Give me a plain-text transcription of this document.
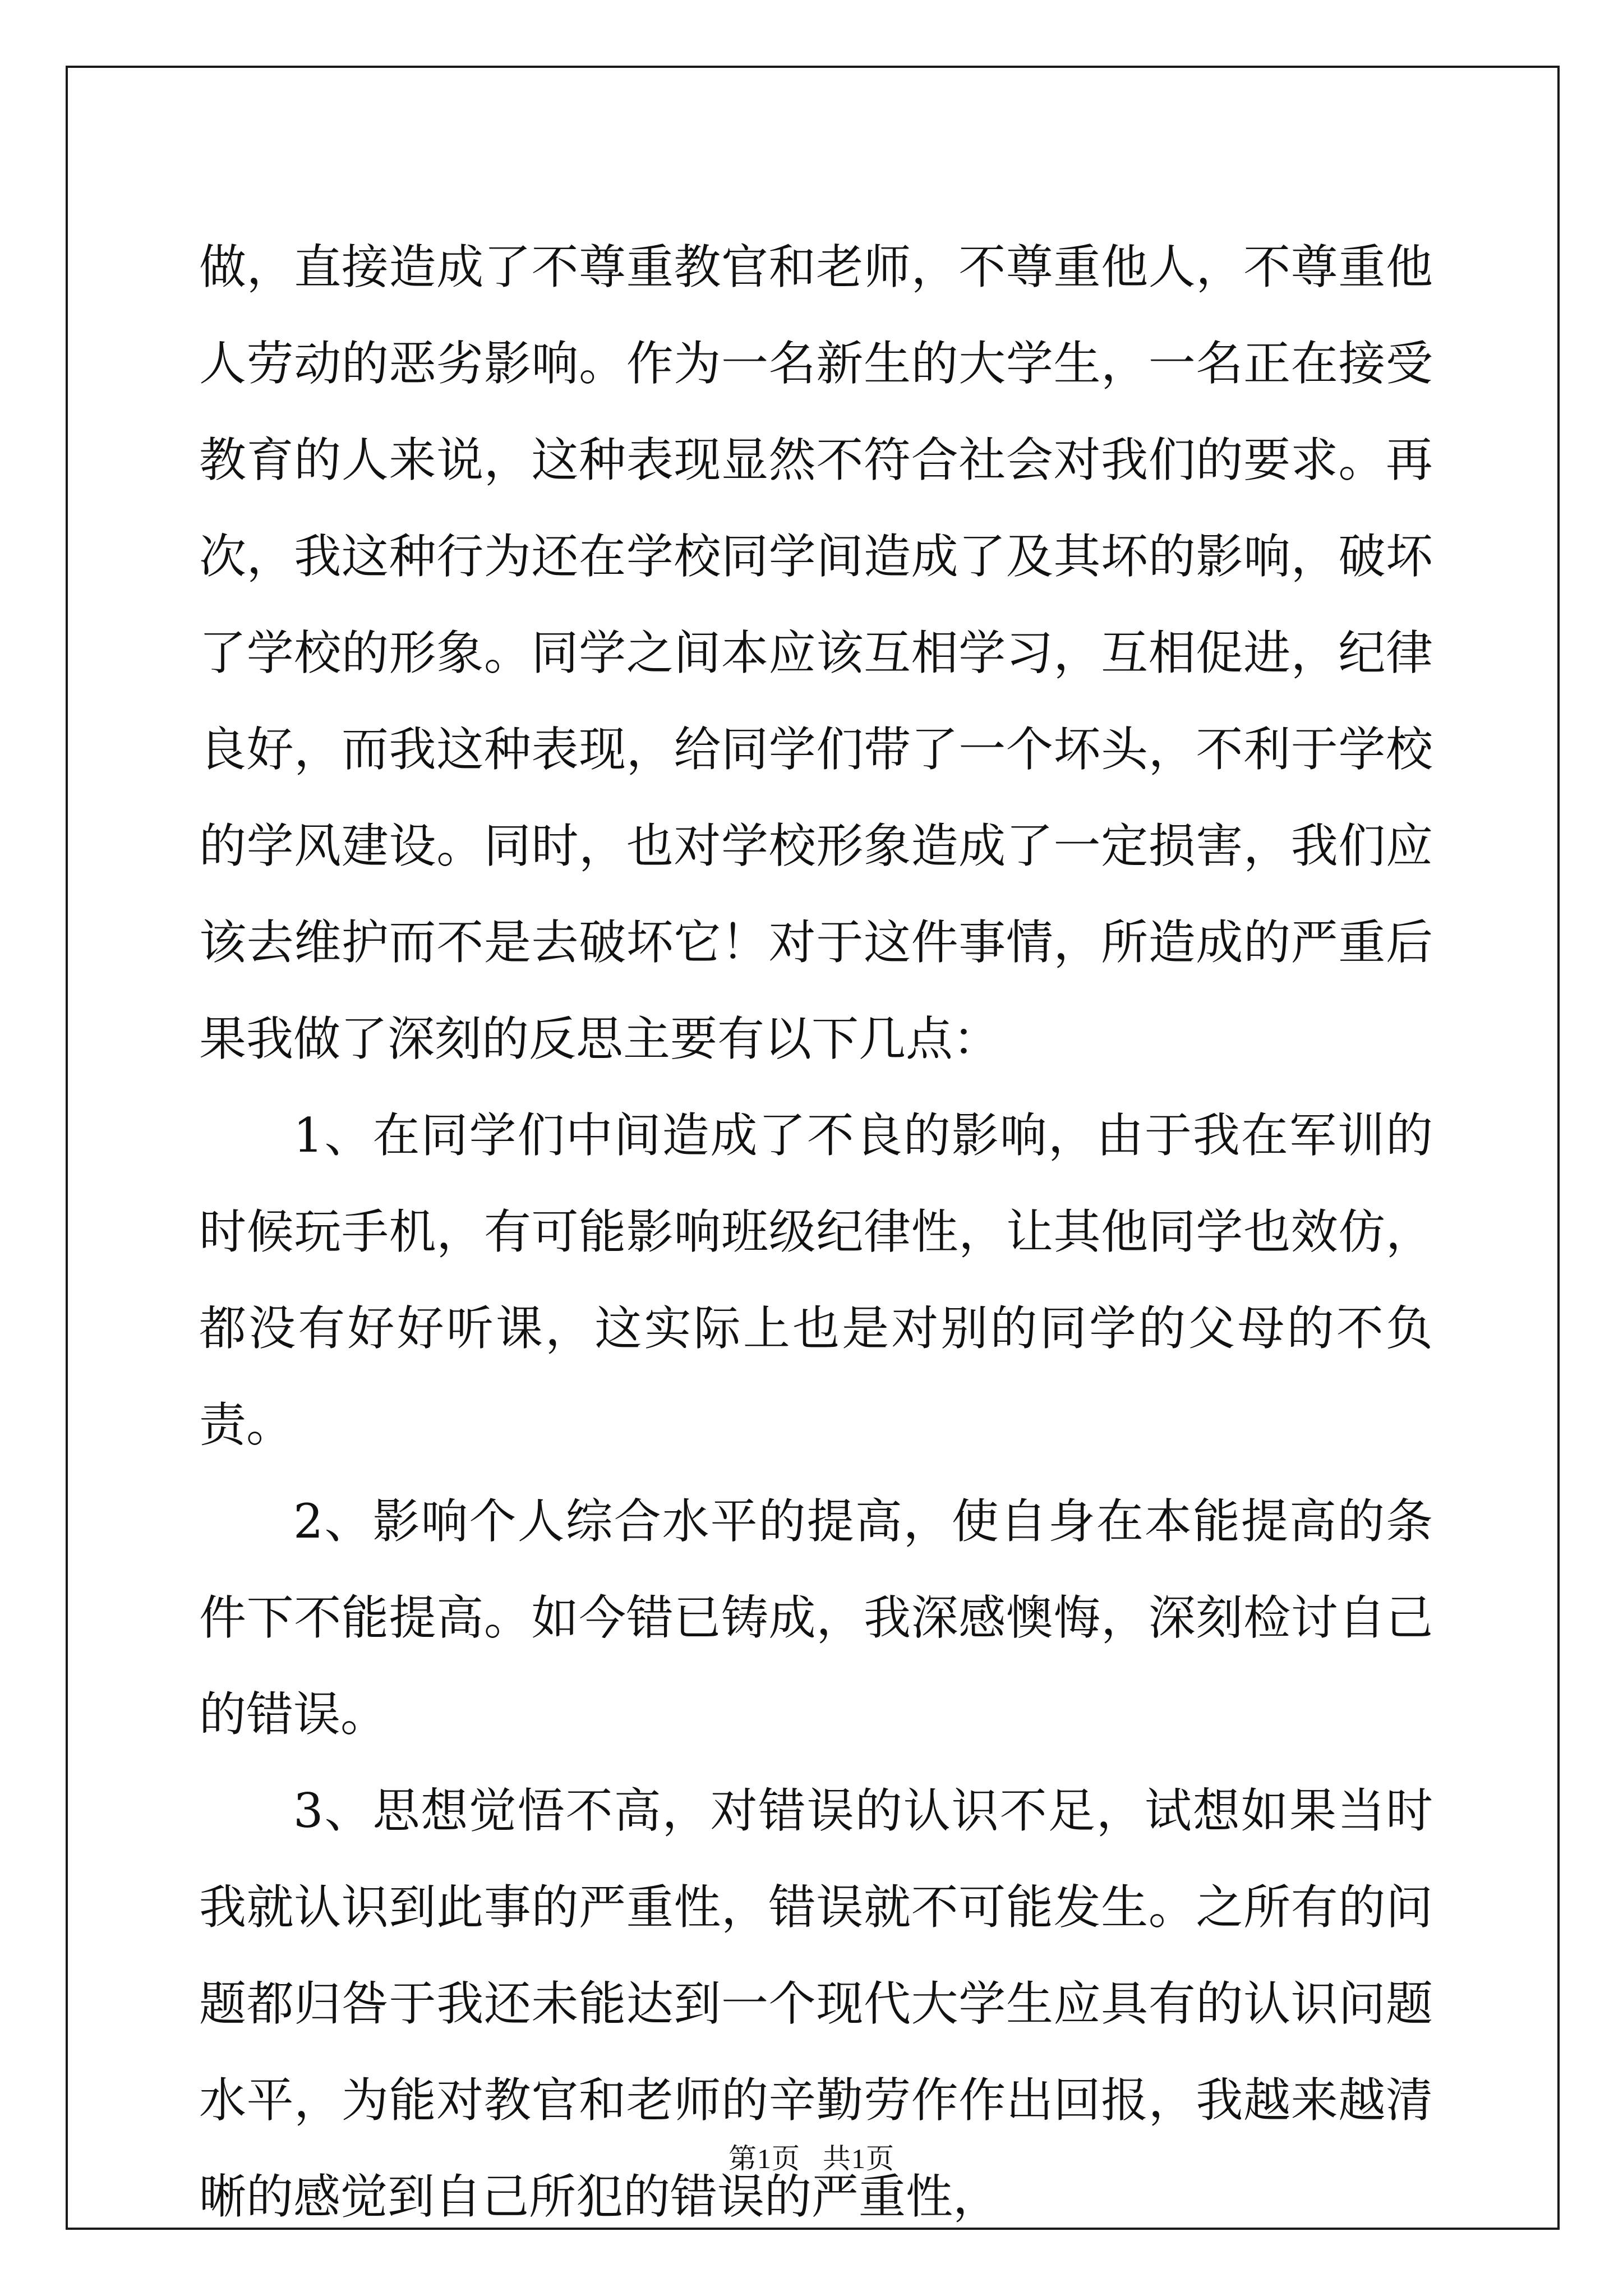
做，直接造成了不尊重教官和老师，不尊重他人，不尊重他人劳动的恶劣影响。作为一名新生的大学生，一名正在接受教育的人来说，这种表现显然不符合社会对我们的要求。再次，我这种行为还在学校同学间造成了及其坏的影响，破坏了学校的形象。同学之间本应该互相学习，互相促进，纪律良好，而我这种表现，给同学们带了一个坏头，不利于学校的学风建设。同时，也对学校形象造成了一定损害，我们应该去维护而不是去破坏它！对于这件事情，所造成的严重后果我做了深刻的反思主要有以下几点：

1、在同学们中间造成了不良的影响，由于我在军训的时候玩手机，有可能影响班级纪律性，让其他同学也效仿，都没有好好听课，这实际上也是对别的同学的父母的不负责。

2、影响个人综合水平的提高，使自身在本能提高的条件下不能提高。如今错已铸成，我深感懊悔，深刻检讨自己的错误。

3、思想觉悟不高，对错误的认识不足，试想如果当时我就认识到此事的严重性，错误就不可能发生。之所有的问题都归咎于我还未能达到一个现代大学生应具有的认识问题水平，为能对教官和老师的辛勤劳作作出回报，我越来越清晰的感觉到自己所犯的错误的严重性，

第1页 共1页
